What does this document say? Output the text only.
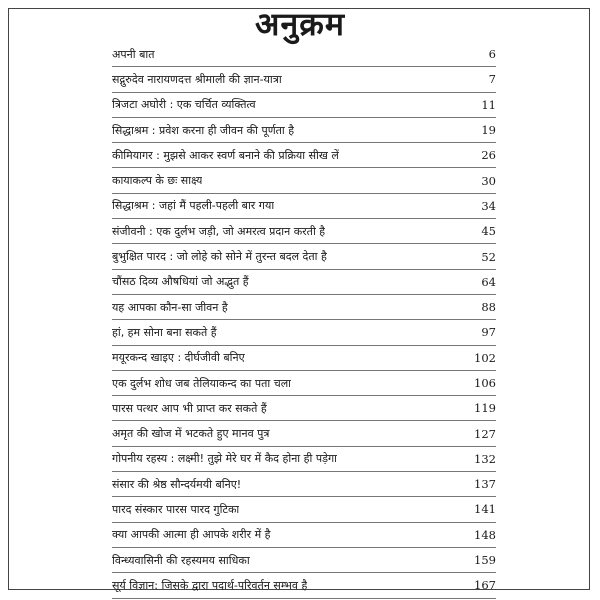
अनुक्रम
अपनी बात	6
सद्गुरुदेव नारायणदत्त श्रीमाली की ज्ञान-यात्रा	7
त्रिजटा अघोरी : एक चर्चित व्यक्तित्व	11
सिद्धाश्रम : प्रवेश करना ही जीवन की पूर्णता है	19
कीमियागर : मुझसे आकर स्वर्ण बनाने की प्रक्रिया सीख लें	26
कायाकल्प के छः साक्ष्य	30
सिद्धाश्रम : जहां मैं पहली-पहली बार गया	34
संजीवनी : एक दुर्लभ जड़ी, जो अमरत्व प्रदान करती है	45
बुभुक्षित पारद : जो लोहे को सोने में तुरन्त बदल देता है	52
चौंसठ दिव्य औषधियां जो अद्भुत हैं	64
यह आपका कौन-सा जीवन है	88
हां, हम सोना बना सकते हैं	97
मयूरकन्द खाइए : दीर्घजीवी बनिए	102
एक दुर्लभ शोध जब तेलियाकन्द का पता चला	106
पारस पत्थर आप भी प्राप्त कर सकते हैं	119
अमृत की खोज में भटकते हुए मानव पुत्र	127
गोपनीय रहस्य : लक्ष्मी! तुझे मेरे घर में कैद होना ही पड़ेगा	132
संसार की श्रेष्ठ सौन्दर्यमयी बनिए!	137
पारद संस्कार पारस पारद गुटिका	141
क्या आपकी आत्मा ही आपके शरीर में है	148
विन्ध्यवासिनी की रहस्यमय साधिका	159
सूर्य विज्ञान: जिसके द्वारा पदार्थ-परिवर्तन सम्भव है	167
